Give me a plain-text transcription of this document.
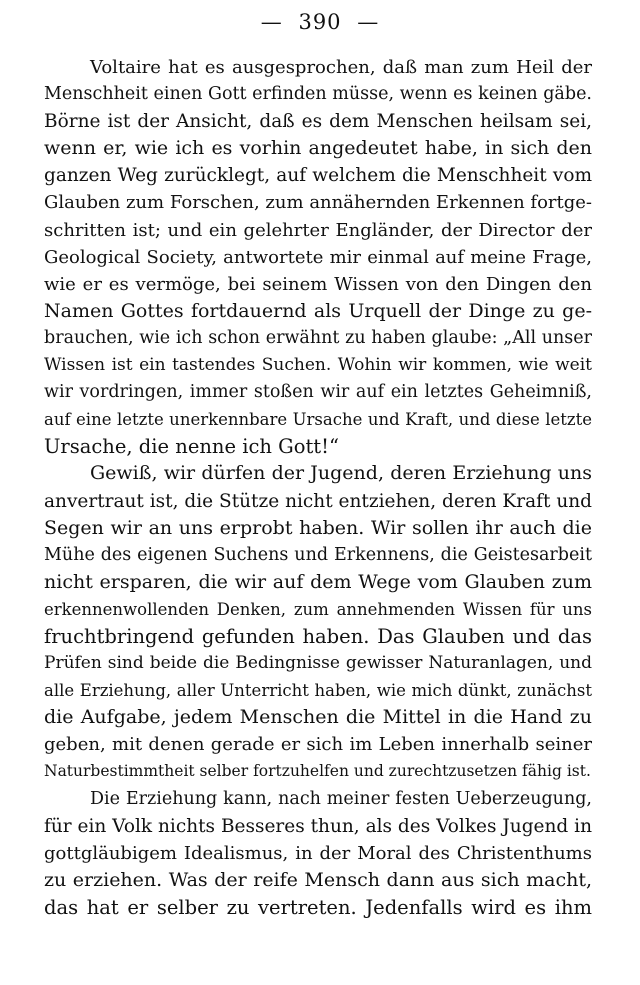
— 390 —
Voltaire hat es ausgesprochen, daß man zum Heil der
Menschheit einen Gott erfinden müsse, wenn es keinen gäbe.
Börne ist der Ansicht, daß es dem Menschen heilsam sei,
wenn er, wie ich es vorhin angedeutet habe, in sich den
ganzen Weg zurücklegt, auf welchem die Menschheit vom
Glauben zum Forschen, zum annähernden Erkennen fortge-
schritten ist; und ein gelehrter Engländer, der Director der
Geological Society, antwortete mir einmal auf meine Frage,
wie er es vermöge, bei seinem Wissen von den Dingen den
Namen Gottes fortdauernd als Urquell der Dinge zu ge-
brauchen, wie ich schon erwähnt zu haben glaube: „All unser
Wissen ist ein tastendes Suchen. Wohin wir kommen, wie weit
wir vordringen, immer stoßen wir auf ein letztes Geheimniß,
auf eine letzte unerkennbare Ursache und Kraft, und diese letzte
Ursache, die nenne ich Gott!“
Gewiß, wir dürfen der Jugend, deren Erziehung uns
anvertraut ist, die Stütze nicht entziehen, deren Kraft und
Segen wir an uns erprobt haben. Wir sollen ihr auch die
Mühe des eigenen Suchens und Erkennens, die Geistesarbeit
nicht ersparen, die wir auf dem Wege vom Glauben zum
erkennenwollenden Denken, zum annehmenden Wissen für uns
fruchtbringend gefunden haben. Das Glauben und das
Prüfen sind beide die Bedingnisse gewisser Naturanlagen, und
alle Erziehung, aller Unterricht haben, wie mich dünkt, zunächst
die Aufgabe, jedem Menschen die Mittel in die Hand zu
geben, mit denen gerade er sich im Leben innerhalb seiner
Naturbestimmtheit selber fortzuhelfen und zurechtzusetzen fähig ist.
Die Erziehung kann, nach meiner festen Ueberzeugung,
für ein Volk nichts Besseres thun, als des Volkes Jugend in
gottgläubigem Idealismus, in der Moral des Christenthums
zu erziehen. Was der reife Mensch dann aus sich macht,
das hat er selber zu vertreten. Jedenfalls wird es ihm
